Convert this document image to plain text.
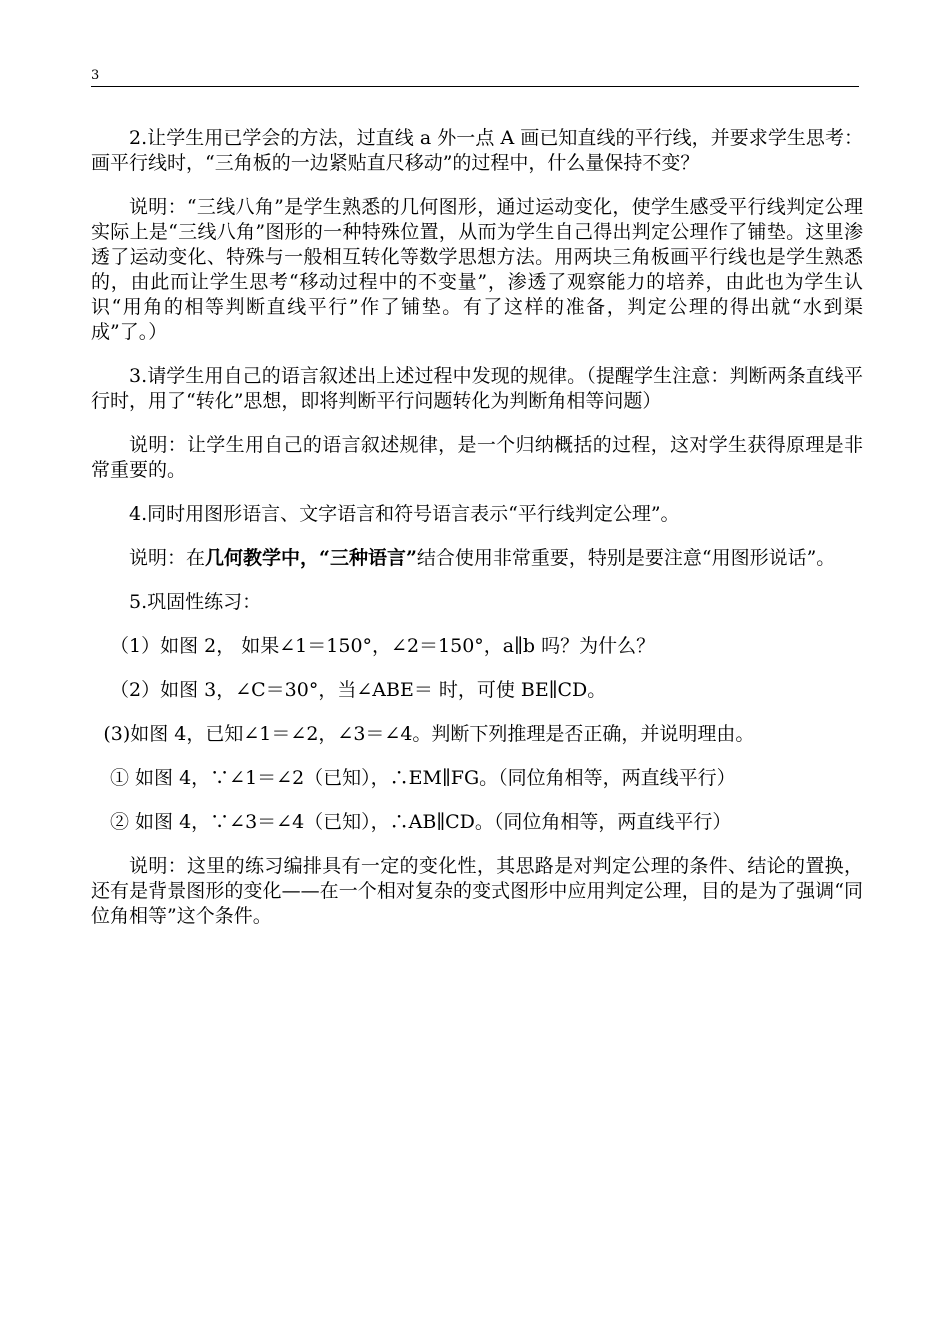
3

2.让学生用已学会的方法，过直线 a 外一点 A 画已知直线的平行线，并要求学生思考：画平行线时，“三角板的一边紧贴直尺移动”的过程中，什么量保持不变？

说明：“三线八角”是学生熟悉的几何图形，通过运动变化，使学生感受平行线判定公理实际上是“三线八角”图形的一种特殊位置，从而为学生自己得出判定公理作了铺垫。这里渗透了运动变化、特殊与一般相互转化等数学思想方法。用两块三角板画平行线也是学生熟悉的，由此而让学生思考“移动过程中的不变量”，渗透了观察能力的培养，由此也为学生认识“用角的相等判断直线平行”作了铺垫。有了这样的准备，判定公理的得出就“水到渠成”了。）

3.请学生用自己的语言叙述出上述过程中发现的规律。（提醒学生注意：判断两条直线平行时，用了“转化”思想，即将判断平行问题转化为判断角相等问题）

说明：让学生用自己的语言叙述规律，是一个归纳概括的过程，这对学生获得原理是非常重要的。

4.同时用图形语言、文字语言和符号语言表示“平行线判定公理”。

说明：在几何教学中，“三种语言”结合使用非常重要，特别是要注意“用图形说话”。

5.巩固性练习：

（1）如图 2， 如果∠1＝150°，∠2＝150°，a∥b 吗？为什么？

（2）如图 3，∠C＝30°，当∠ABE＝ 时，可使 BE∥CD。

(3)如图 4，已知∠1＝∠2，∠3＝∠4。判断下列推理是否正确，并说明理由。

① 如图 4，∵∠1＝∠2（已知），∴EM∥FG。（同位角相等，两直线平行）

② 如图 4，∵∠3＝∠4（已知），∴AB∥CD。（同位角相等，两直线平行）

说明：这里的练习编排具有一定的变化性，其思路是对判定公理的条件、结论的置换，还有是背景图形的变化——在一个相对复杂的变式图形中应用判定公理，目的是为了强调“同位角相等”这个条件。
